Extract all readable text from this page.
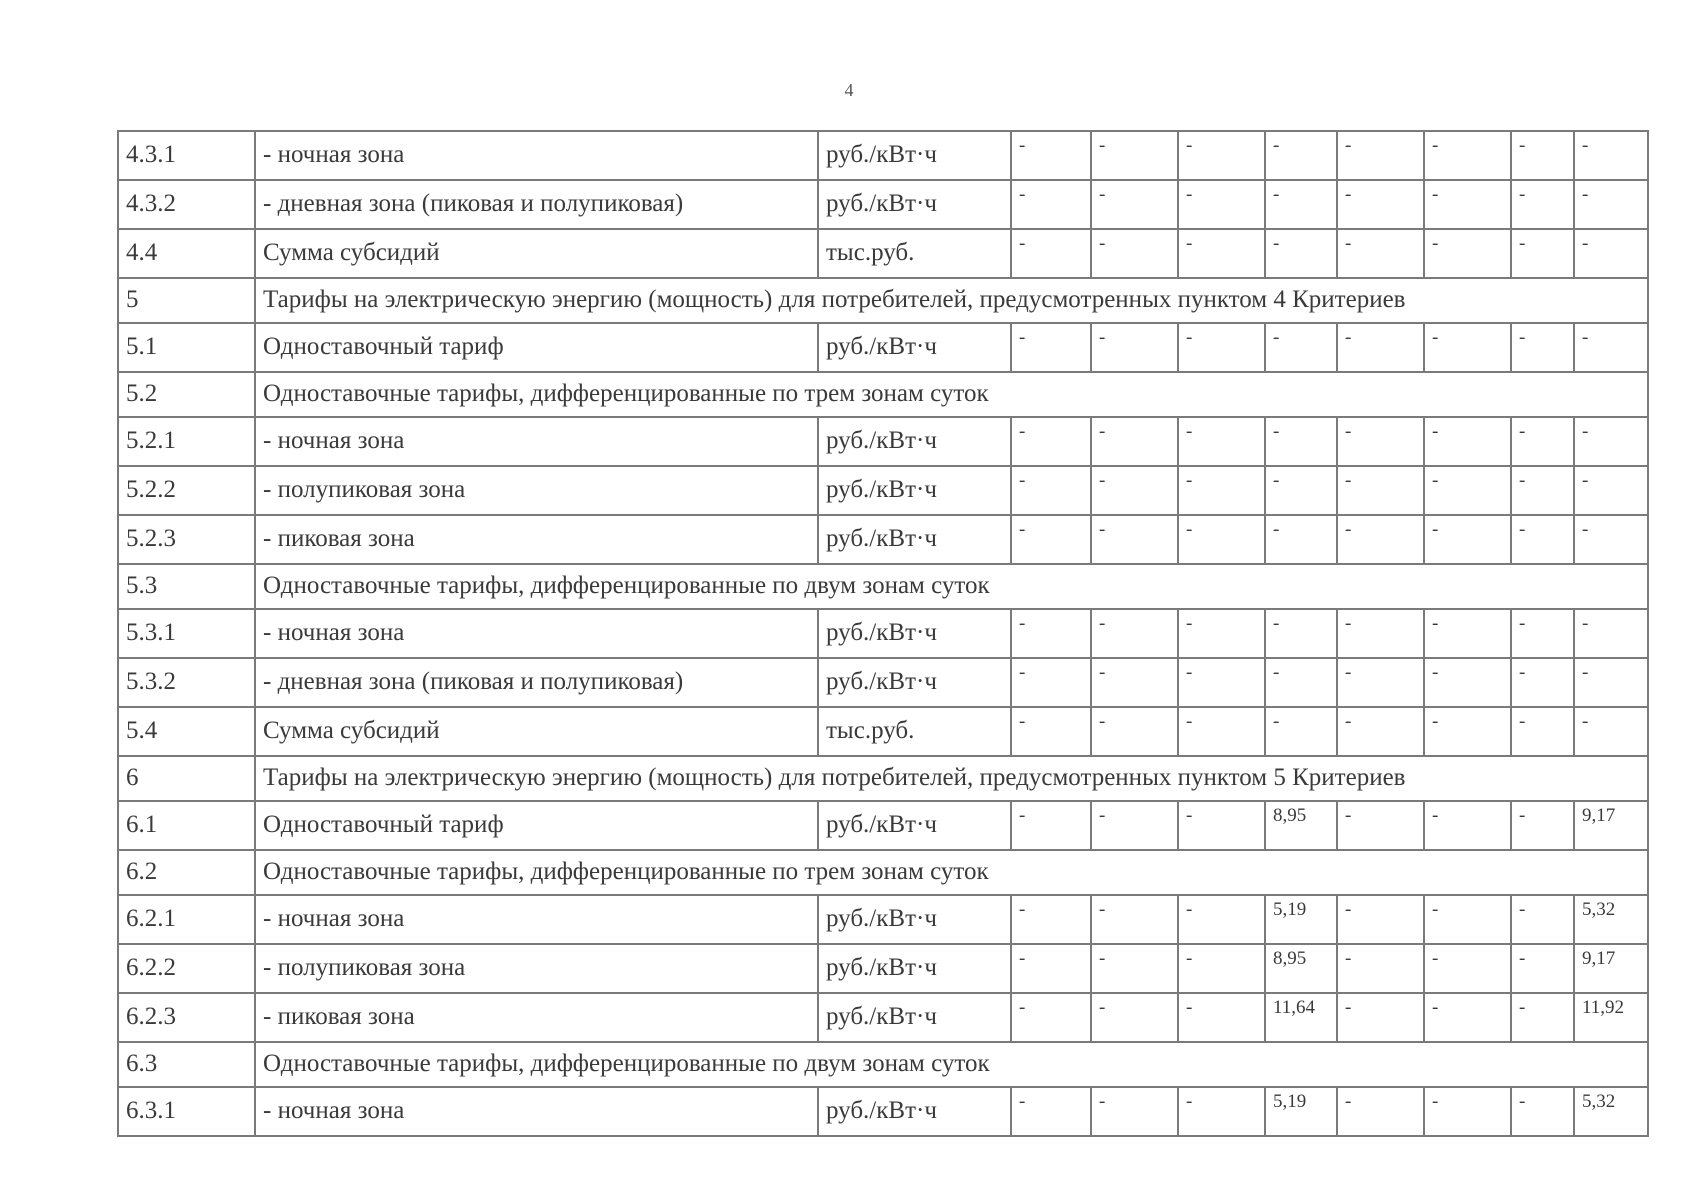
4
4.3.1	- ночная зона	руб./кВт·ч	-	-	-	-	-	-	-	-
4.3.2	- дневная зона (пиковая и полупиковая)	руб./кВт·ч	-	-	-	-	-	-	-	-
4.4	Сумма субсидий	тыс.руб.	-	-	-	-	-	-	-	-
5	Тарифы на электрическую энергию (мощность) для потребителей, предусмотренных пунктом 4 Критериев									
5.1	Одноставочный тариф	руб./кВт·ч	-	-	-	-	-	-	-	-
5.2	Одноставочные тарифы, дифференцированные по трем зонам суток									
5.2.1	- ночная зона	руб./кВт·ч	-	-	-	-	-	-	-	-
5.2.2	- полупиковая зона	руб./кВт·ч	-	-	-	-	-	-	-	-
5.2.3	- пиковая зона	руб./кВт·ч	-	-	-	-	-	-	-	-
5.3	Одноставочные тарифы, дифференцированные по двум зонам суток									
5.3.1	- ночная зона	руб./кВт·ч	-	-	-	-	-	-	-	-
5.3.2	- дневная зона (пиковая и полупиковая)	руб./кВт·ч	-	-	-	-	-	-	-	-
5.4	Сумма субсидий	тыс.руб.	-	-	-	-	-	-	-	-
6	Тарифы на электрическую энергию (мощность) для потребителей, предусмотренных пунктом 5 Критериев									
6.1	Одноставочный тариф	руб./кВт·ч	-	-	-	8,95	-	-	-	9,17
6.2	Одноставочные тарифы, дифференцированные по трем зонам суток									
6.2.1	- ночная зона	руб./кВт·ч	-	-	-	5,19	-	-	-	5,32
6.2.2	- полупиковая зона	руб./кВт·ч	-	-	-	8,95	-	-	-	9,17
6.2.3	- пиковая зона	руб./кВт·ч	-	-	-	11,64	-	-	-	11,92
6.3	Одноставочные тарифы, дифференцированные по двум зонам суток									
6.3.1	- ночная зона	руб./кВт·ч	-	-	-	5,19	-	-	-	5,32
